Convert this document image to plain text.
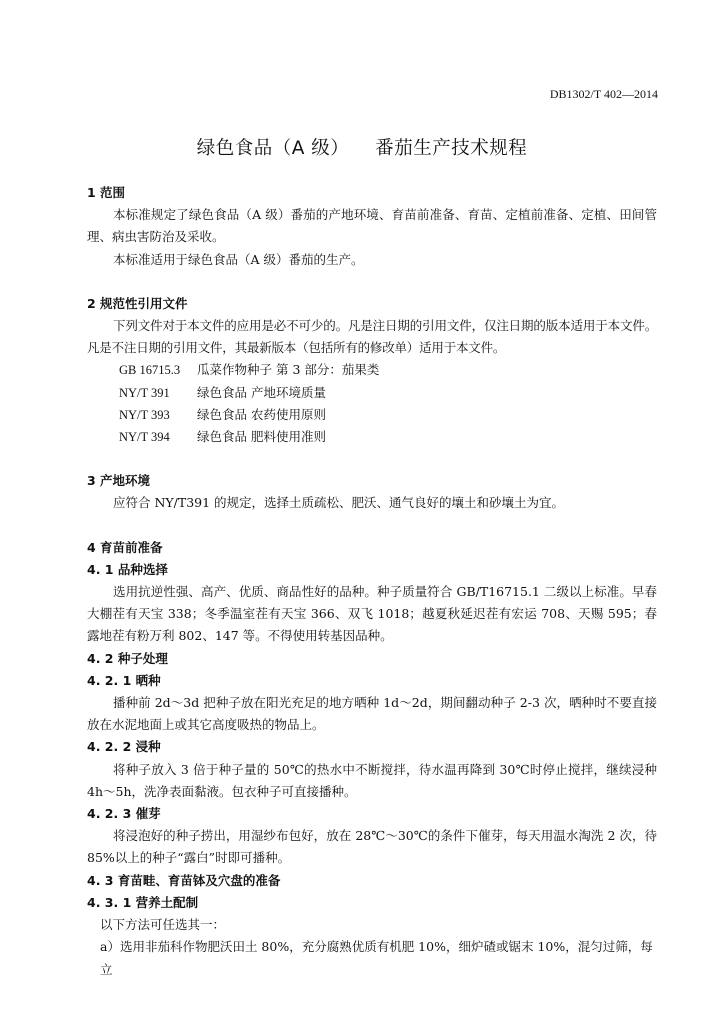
DB1302/T 402—2014
绿色食品（A 级） 番茄生产技术规程
1 范围
本标准规定了绿色食品（A 级）番茄的产地环境、育苗前准备、育苗、定植前准备、定植、田间管理、病虫害防治及采收。
本标准适用于绿色食品（A 级）番茄的生产。
2 规范性引用文件
下列文件对于本文件的应用是必不可少的。凡是注日期的引用文件，仅注日期的版本适用于本文件。凡是不注日期的引用文件，其最新版本（包括所有的修改单）适用于本文件。
GB 16715.3	瓜菜作物种子 第 3 部分：茄果类
NY/T 391	绿色食品 产地环境质量
NY/T 393	绿色食品 农药使用原则
NY/T 394	绿色食品 肥料使用准则
3 产地环境
应符合 NY/T391 的规定，选择土质疏松、肥沃、通气良好的壤土和砂壤土为宜。
4 育苗前准备
4. 1 品种选择
选用抗逆性强、高产、优质、商品性好的品种。种子质量符合 GB/T16715.1 二级以上标准。早春大棚茬有天宝 338；冬季温室茬有天宝 366、双飞 1018；越夏秋延迟茬有宏运 708、天赐 595；春露地茬有粉万利 802、147 等。不得使用转基因品种。
4. 2 种子处理
4. 2. 1 晒种
播种前 2d～3d 把种子放在阳光充足的地方晒种 1d～2d，期间翻动种子 2-3 次，晒种时不要直接放在水泥地面上或其它高度吸热的物品上。
4. 2. 2 浸种
将种子放入 3 倍于种子量的 50℃的热水中不断搅拌，待水温再降到 30℃时停止搅拌，继续浸种 4h～5h，洗净表面黏液。包衣种子可直接播种。
4. 2. 3 催芽
将浸泡好的种子捞出，用湿纱布包好，放在 28℃～30℃的条件下催芽，每天用温水淘洗 2 次，待 85%以上的种子“露白”时即可播种。
4. 3 育苗畦、育苗钵及穴盘的准备
4. 3. 1 营养土配制
以下方法可任选其一：
a）选用非茄科作物肥沃田土 80%，充分腐熟优质有机肥 10%，细炉碴或锯末 10%，混匀过筛，每立
